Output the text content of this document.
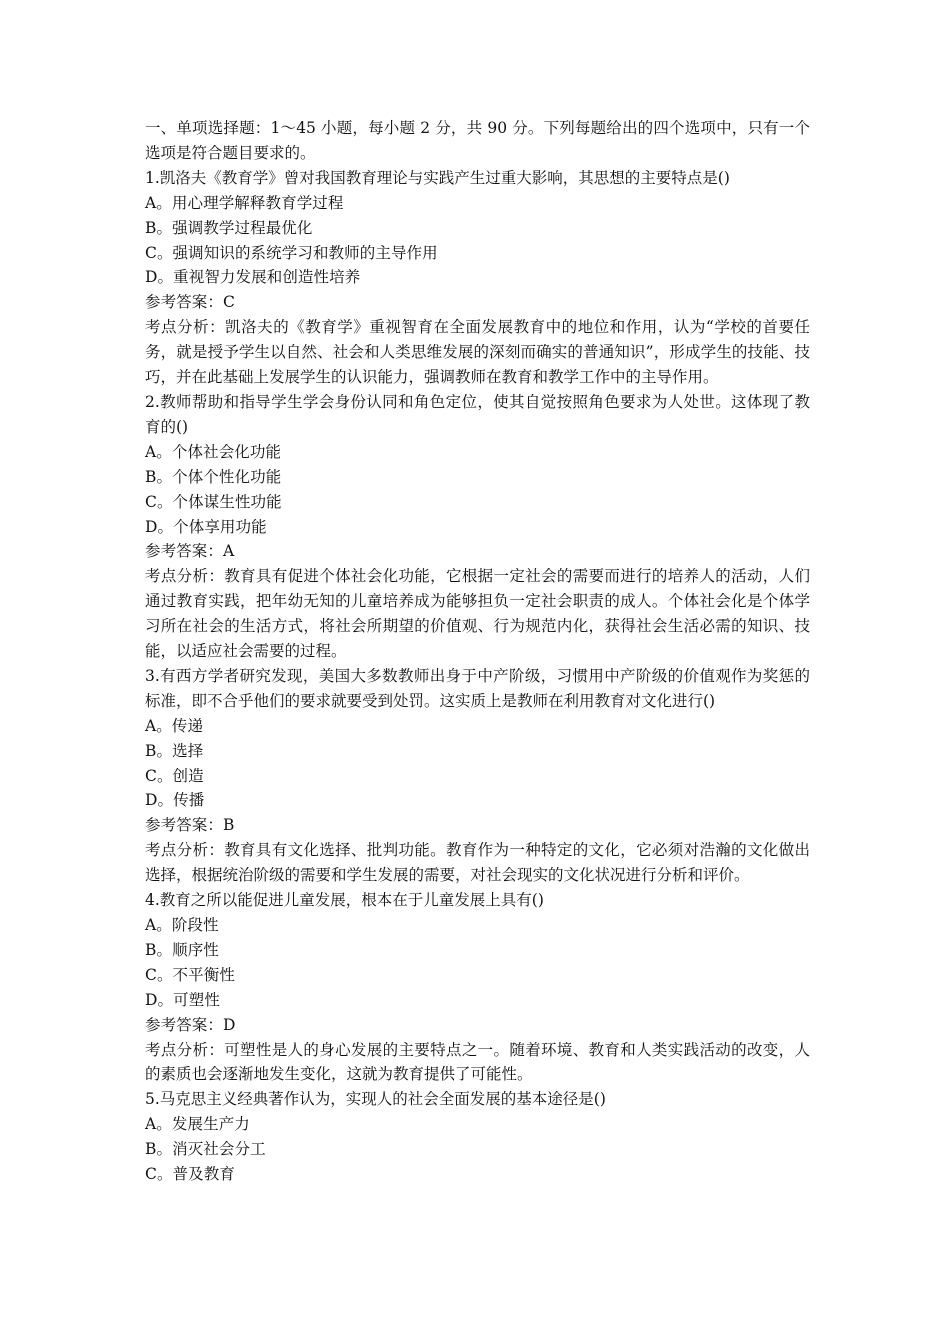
一、单项选择题：1～45 小题，每小题 2 分，共 90 分。下列每题给出的四个选项中，只有一个选项是符合题目要求的。

1.凯洛夫《教育学》曾对我国教育理论与实践产生过重大影响，其思想的主要特点是()

A。用心理学解释教育学过程
B。强调教学过程最优化
C。强调知识的系统学习和教师的主导作用
D。重视智力发展和创造性培养
参考答案：C

考点分析：凯洛夫的《教育学》重视智育在全面发展教育中的地位和作用，认为“学校的首要任务，就是授予学生以自然、社会和人类思维发展的深刻而确实的普通知识”，形成学生的技能、技巧，并在此基础上发展学生的认识能力，强调教师在教育和教学工作中的主导作用。

2.教师帮助和指导学生学会身份认同和角色定位，使其自觉按照角色要求为人处世。这体现了教育的()

A。个体社会化功能
B。个体个性化功能
C。个体谋生性功能
D。个体享用功能
参考答案：A

考点分析：教育具有促进个体社会化功能，它根据一定社会的需要而进行的培养人的活动，人们通过教育实践，把年幼无知的儿童培养成为能够担负一定社会职责的成人。个体社会化是个体学习所在社会的生活方式，将社会所期望的价值观、行为规范内化，获得社会生活必需的知识、技能，以适应社会需要的过程。

3.有西方学者研究发现，美国大多数教师出身于中产阶级，习惯用中产阶级的价值观作为奖惩的标准，即不合乎他们的要求就要受到处罚。这实质上是教师在利用教育对文化进行()

A。传递
B。选择
C。创造
D。传播
参考答案：B

考点分析：教育具有文化选择、批判功能。教育作为一种特定的文化，它必须对浩瀚的文化做出选择，根据统治阶级的需要和学生发展的需要，对社会现实的文化状况进行分析和评价。

4.教育之所以能促进儿童发展，根本在于儿童发展上具有()

A。阶段性
B。顺序性
C。不平衡性
D。可塑性
参考答案：D

考点分析：可塑性是人的身心发展的主要特点之一。随着环境、教育和人类实践活动的改变，人的素质也会逐渐地发生变化，这就为教育提供了可能性。

5.马克思主义经典著作认为，实现人的社会全面发展的基本途径是()

A。发展生产力
B。消灭社会分工
C。普及教育
